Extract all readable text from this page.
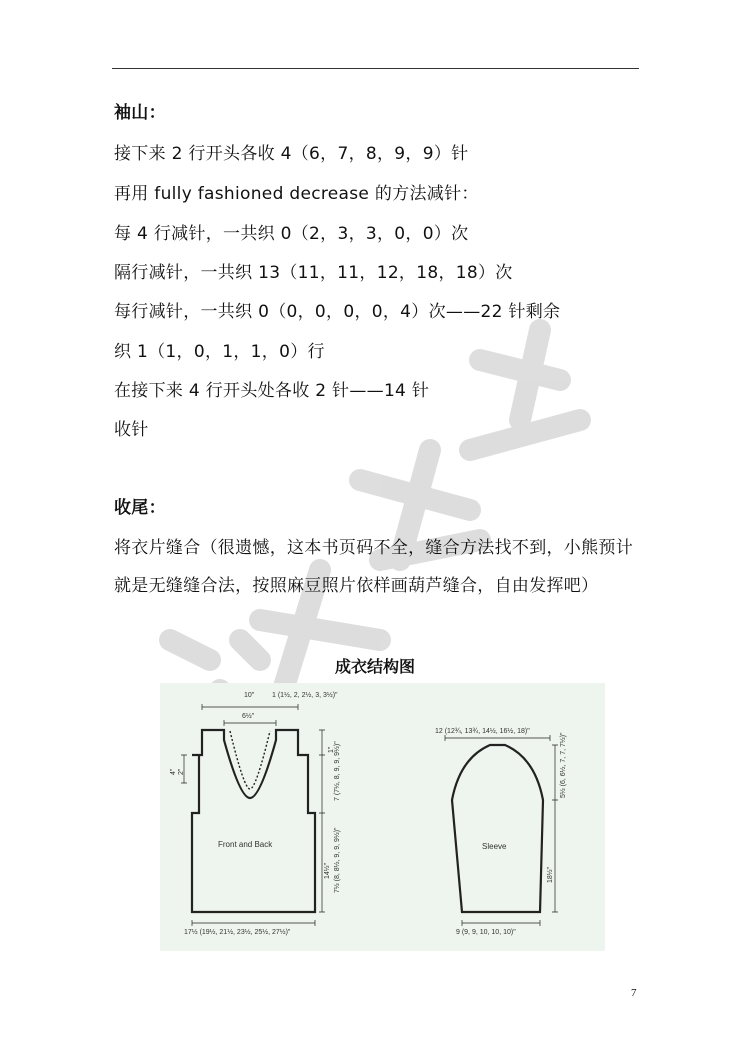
袖山：
接下来 2 行开头各收 4（6，7，8，9，9）针
再用 fully fashioned decrease 的方法减针：
每 4 行减针，一共织 0（2，3，3，0，0）次
隔行减针，一共织 13（11，11，12，18，18）次
每行减针，一共织 0（0，0，0，0，4）次——22 针剩余
织 1（1，0，1，1，0）行
在接下来 4 行开头处各收 2 针——14 针
收针
收尾：
将衣片缝合（很遗憾，这本书页码不全，缝合方法找不到，小熊预计
就是无缝缝合法，按照麻豆照片依样画葫芦缝合，自由发挥吧）
成衣结构图
10"	1 (1½, 2, 2½, 3, 3½)"
6½"
4" 2"
1" 7 (7½, 8, 9, 9, 9½)"
7½ (8, 8½, 9, 9, 9½)"
14½"
Front and Back
17½ (19½, 21½, 23½, 25½, 27½)"
12 (12¾, 13¾, 14½, 16½, 18)"
5½ (6, 6½, 7, 7, 7½)"
18½"
Sleeve
9 (9, 9, 10, 10, 10)"
7
